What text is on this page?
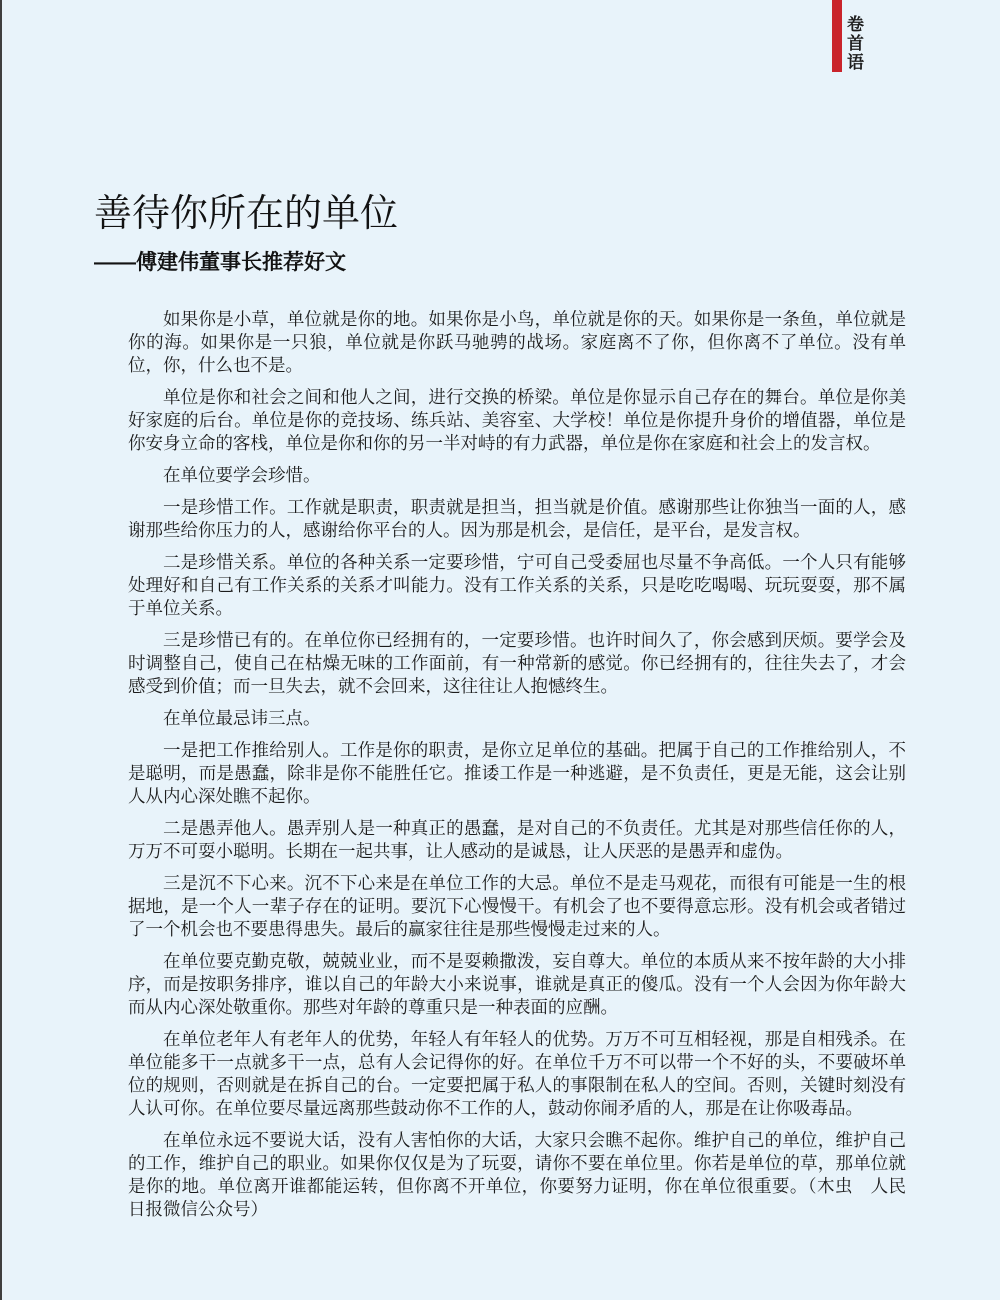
卷首语
善待你所在的单位
——傅建伟董事长推荐好文

如果你是小草，单位就是你的地。如果你是小鸟，单位就是你的天。如果你是一条鱼，单位就是你的海。如果你是一只狼，单位就是你跃马驰骋的战场。家庭离不了你，但你离不了单位。没有单位，你，什么也不是。

单位是你和社会之间和他人之间，进行交换的桥梁。单位是你显示自己存在的舞台。单位是你美好家庭的后台。单位是你的竞技场、练兵站、美容室、大学校！单位是你提升身价的增值器，单位是你安身立命的客栈，单位是你和你的另一半对峙的有力武器，单位是你在家庭和社会上的发言权。

在单位要学会珍惜。

一是珍惜工作。工作就是职责，职责就是担当，担当就是价值。感谢那些让你独当一面的人，感谢那些给你压力的人，感谢给你平台的人。因为那是机会，是信任，是平台，是发言权。

二是珍惜关系。单位的各种关系一定要珍惜，宁可自己受委屈也尽量不争高低。一个人只有能够处理好和自己有工作关系的关系才叫能力。没有工作关系的关系，只是吃吃喝喝、玩玩耍耍，那不属于单位关系。

三是珍惜已有的。在单位你已经拥有的，一定要珍惜。也许时间久了，你会感到厌烦。要学会及时调整自己，使自己在枯燥无味的工作面前，有一种常新的感觉。你已经拥有的，往往失去了，才会感受到价值；而一旦失去，就不会回来，这往往让人抱憾终生。

在单位最忌讳三点。

一是把工作推给别人。工作是你的职责，是你立足单位的基础。把属于自己的工作推给别人，不是聪明，而是愚蠢，除非是你不能胜任它。推诿工作是一种逃避，是不负责任，更是无能，这会让别人从内心深处瞧不起你。

二是愚弄他人。愚弄别人是一种真正的愚蠢，是对自己的不负责任。尤其是对那些信任你的人，万万不可耍小聪明。长期在一起共事，让人感动的是诚恳，让人厌恶的是愚弄和虚伪。

三是沉不下心来。沉不下心来是在单位工作的大忌。单位不是走马观花，而很有可能是一生的根据地，是一个人一辈子存在的证明。要沉下心慢慢干。有机会了也不要得意忘形。没有机会或者错过了一个机会也不要患得患失。最后的赢家往往是那些慢慢走过来的人。

在单位要克勤克敬，兢兢业业，而不是耍赖撒泼，妄自尊大。单位的本质从来不按年龄的大小排序，而是按职务排序，谁以自己的年龄大小来说事，谁就是真正的傻瓜。没有一个人会因为你年龄大而从内心深处敬重你。那些对年龄的尊重只是一种表面的应酬。

在单位老年人有老年人的优势，年轻人有年轻人的优势。万万不可互相轻视，那是自相残杀。在单位能多干一点就多干一点，总有人会记得你的好。在单位千万不可以带一个不好的头，不要破坏单位的规则，否则就是在拆自己的台。一定要把属于私人的事限制在私人的空间。否则，关键时刻没有人认可你。在单位要尽量远离那些鼓动你不工作的人，鼓动你闹矛盾的人，那是在让你吸毒品。

在单位永远不要说大话，没有人害怕你的大话，大家只会瞧不起你。维护自己的单位，维护自己的工作，维护自己的职业。如果你仅仅是为了玩耍，请你不要在单位里。你若是单位的草，那单位就是你的地。单位离开谁都能运转，但你离不开单位，你要努力证明，你在单位很重要。（木虫　人民日报微信公众号）
